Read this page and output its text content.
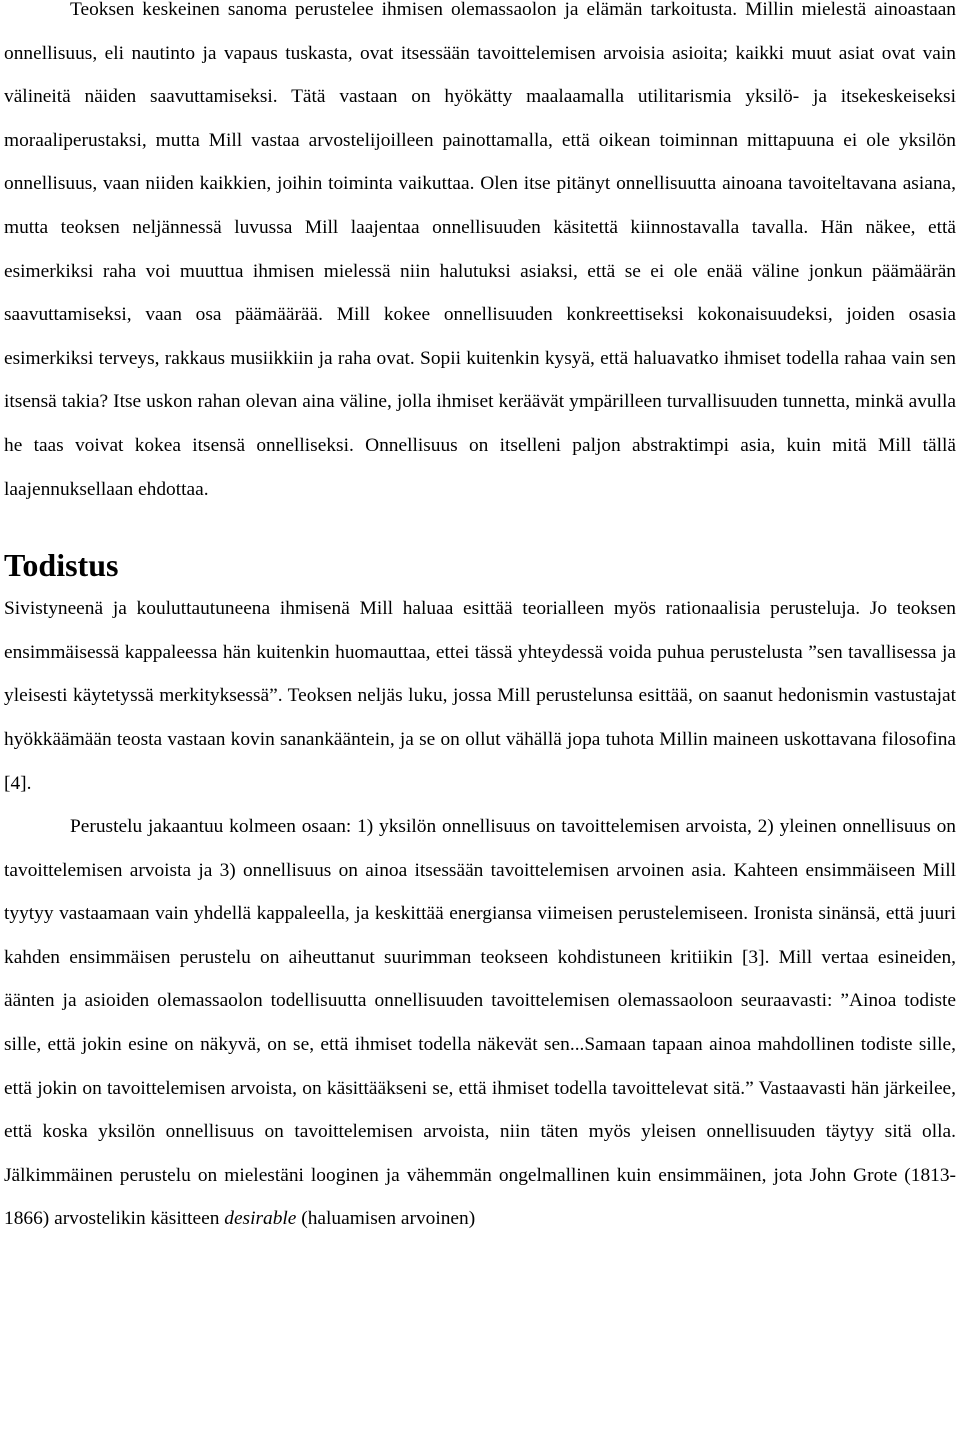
Teoksen keskeinen sanoma perustelee ihmisen olemassaolon ja elämän tarkoitusta. Millin mielestä ainoastaan onnellisuus, eli nautinto ja vapaus tuskasta, ovat itsessään tavoittelemisen arvoisia asioita; kaikki muut asiat ovat vain välineitä näiden saavuttamiseksi. Tätä vastaan on hyökätty maalaamalla utilitarismia yksilö- ja itsekeskeiseksi moraaliperustaksi, mutta Mill vastaa arvostelijoilleen painottamalla, että oikean toiminnan mittapuuna ei ole yksilön onnellisuus, vaan niiden kaikkien, joihin toiminta vaikuttaa. Olen itse pitänyt onnellisuutta ainoana tavoiteltavana asiana, mutta teoksen neljännessä luvussa Mill laajentaa onnellisuuden käsitettä kiinnostavalla tavalla. Hän näkee, että esimerkiksi raha voi muuttua ihmisen mielessä niin halutuksi asiaksi, että se ei ole enää väline jonkun päämäärän saavuttamiseksi, vaan osa päämäärää. Mill kokee onnellisuuden konkreettiseksi kokonaisuudeksi, joiden osasia esimerkiksi terveys, rakkaus musiikkiin ja raha ovat. Sopii kuitenkin kysyä, että haluavatko ihmiset todella rahaa vain sen itsensä takia? Itse uskon rahan olevan aina väline, jolla ihmiset keräävät ympärilleen turvallisuuden tunnetta, minkä avulla he taas voivat kokea itsensä onnelliseksi. Onnellisuus on itselleni paljon abstraktimpi asia, kuin mitä Mill tällä laajennuksellaan ehdottaa.

Todistus

Sivistyneenä ja kouluttautuneena ihmisenä Mill haluaa esittää teorialleen myös rationaalisia perusteluja. Jo teoksen ensimmäisessä kappaleessa hän kuitenkin huomauttaa, ettei tässä yhteydessä voida puhua perustelusta ”sen tavallisessa ja yleisesti käytetyssä merkityksessä”. Teoksen neljäs luku, jossa Mill perustelunsa esittää, on saanut hedonismin vastustajat hyökkäämään teosta vastaan kovin sanankääntein, ja se on ollut vähällä jopa tuhota Millin maineen uskottavana filosofina [4].

Perustelu jakaantuu kolmeen osaan: 1) yksilön onnellisuus on tavoittelemisen arvoista, 2) yleinen onnellisuus on tavoittelemisen arvoista ja 3) onnellisuus on ainoa itsessään tavoittelemisen arvoinen asia. Kahteen ensimmäiseen Mill tyytyy vastaamaan vain yhdellä kappaleella, ja keskittää energiansa viimeisen perustelemiseen. Ironista sinänsä, että juuri kahden ensimmäisen perustelu on aiheuttanut suurimman teokseen kohdistuneen kritiikin [3]. Mill vertaa esineiden, äänten ja asioiden olemassaolon todellisuutta onnellisuuden tavoittelemisen olemassaoloon seuraavasti: ”Ainoa todiste sille, että jokin esine on näkyvä, on se, että ihmiset todella näkevät sen...Samaan tapaan ainoa mahdollinen todiste sille, että jokin on tavoittelemisen arvoista, on käsittääkseni se, että ihmiset todella tavoittelevat sitä.” Vastaavasti hän järkeilee, että koska yksilön onnellisuus on tavoittelemisen arvoista, niin täten myös yleisen onnellisuuden täytyy sitä olla. Jälkimmäinen perustelu on mielestäni looginen ja vähemmän ongelmallinen kuin ensimmäinen, jota John Grote (1813-1866) arvostelikin käsitteen desirable (haluamisen arvoinen)
